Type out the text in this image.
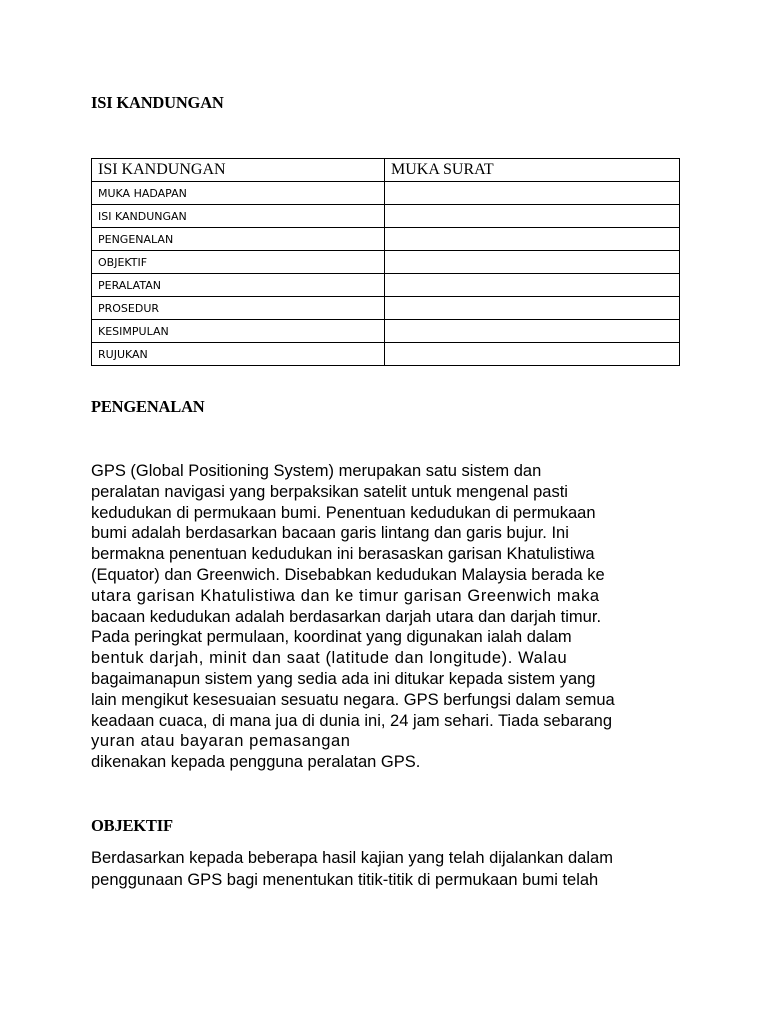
ISI KANDUNGAN
ISI KANDUNGAN	MUKA SURAT
MUKA HADAPAN	
ISI KANDUNGAN	
PENGENALAN	
OBJEKTIF	
PERALATAN	
PROSEDUR	
KESIMPULAN	
RUJUKAN	
PENGENALAN

GPS (Global Positioning System) merupakan satu sistem dan
peralatan navigasi yang berpaksikan satelit untuk mengenal pasti
kedudukan di permukaan bumi. Penentuan kedudukan di permukaan
bumi adalah berdasarkan bacaan garis lintang dan garis bujur. Ini
bermakna penentuan kedudukan ini berasaskan garisan Khatulistiwa
(Equator) dan Greenwich. Disebabkan kedudukan Malaysia berada ke
utara garisan Khatulistiwa dan ke timur garisan Greenwich maka
bacaan kedudukan adalah berdasarkan darjah utara dan darjah timur.
Pada peringkat permulaan, koordinat yang digunakan ialah dalam
bentuk darjah, minit dan saat (latitude dan longitude). Walau
bagaimanapun sistem yang sedia ada ini ditukar kepada sistem yang
lain mengikut kesesuaian sesuatu negara. GPS berfungsi dalam semua
keadaan cuaca, di mana jua di dunia ini, 24 jam sehari. Tiada sebarang
yuran atau bayaran pemasangan
dikenakan kepada pengguna peralatan GPS.

OBJEKTIF

Berdasarkan kepada beberapa hasil kajian yang telah dijalankan dalam
penggunaan GPS bagi menentukan titik-titik di permukaan bumi telah
